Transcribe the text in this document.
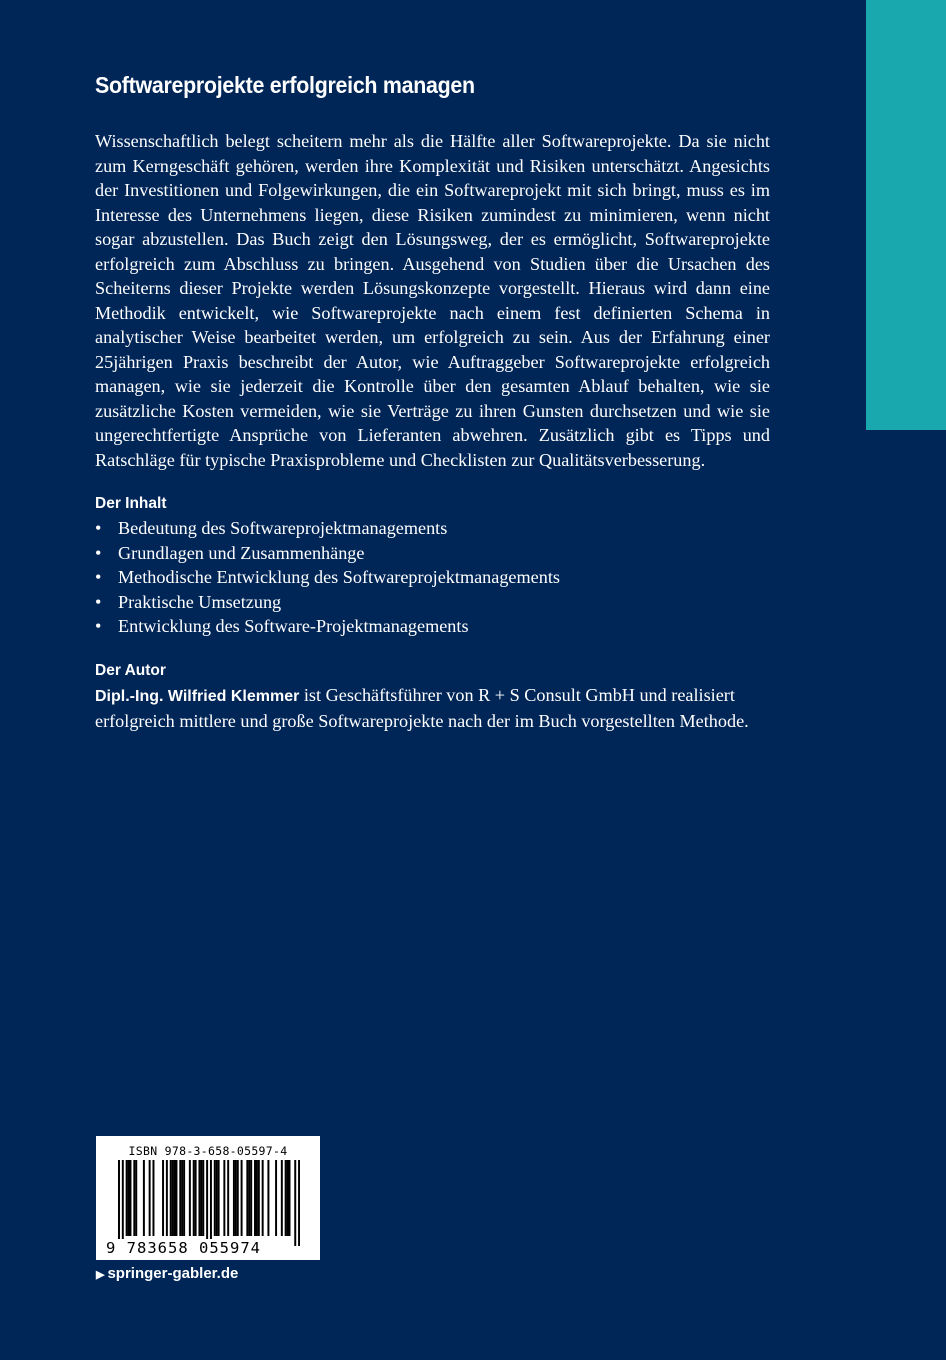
Softwareprojekte erfolgreich managen

Wissenschaftlich belegt scheitern mehr als die Hälfte aller Softwareprojekte. Da sie nicht zum Kerngeschäft gehören, werden ihre Komplexität und Risiken unterschätzt. Angesichts der Investitionen und Folgewirkungen, die ein Softwareprojekt mit sich bringt, muss es im Interesse des Unternehmens liegen, diese Risiken zumindest zu minimieren, wenn nicht sogar abzustellen. Das Buch zeigt den Lösungsweg, der es ermöglicht, Softwareprojekte erfolgreich zum Abschluss zu bringen. Ausgehend von Studien über die Ursachen des Scheiterns dieser Projekte werden Lösungskonzepte vorgestellt. Hieraus wird dann eine Methodik entwickelt, wie Softwareprojekte nach einem fest definierten Schema in analytischer Weise bearbeitet werden, um erfolgreich zu sein. Aus der Erfahrung einer 25jährigen Praxis beschreibt der Autor, wie Auftraggeber Softwareprojekte erfolgreich managen, wie sie jederzeit die Kontrolle über den gesamten Ablauf behalten, wie sie zusätzliche Kosten vermeiden, wie sie Verträge zu ihren Gunsten durchsetzen und wie sie ungerechtfertigte Ansprüche von Lieferanten abwehren. Zusätzlich gibt es Tipps und Ratschläge für typische Praxisprobleme und Checklisten zur Qualitätsverbesserung.

Der Inhalt
• Bedeutung des Softwareprojektmanagements
• Grundlagen und Zusammenhänge
• Methodische Entwicklung des Softwareprojektmanagements
• Praktische Umsetzung
• Entwicklung des Software-Projektmanagements
Der Autor

Dipl.-Ing. Wilfried Klemmer ist Geschäftsführer von R + S Consult GmbH und realisiert erfolgreich mittlere und große Softwareprojekte nach der im Buch vorgestellten Methode.

ISBN 978-3-658-05597-4
9 783658 055974
▶ springer-gabler.de
